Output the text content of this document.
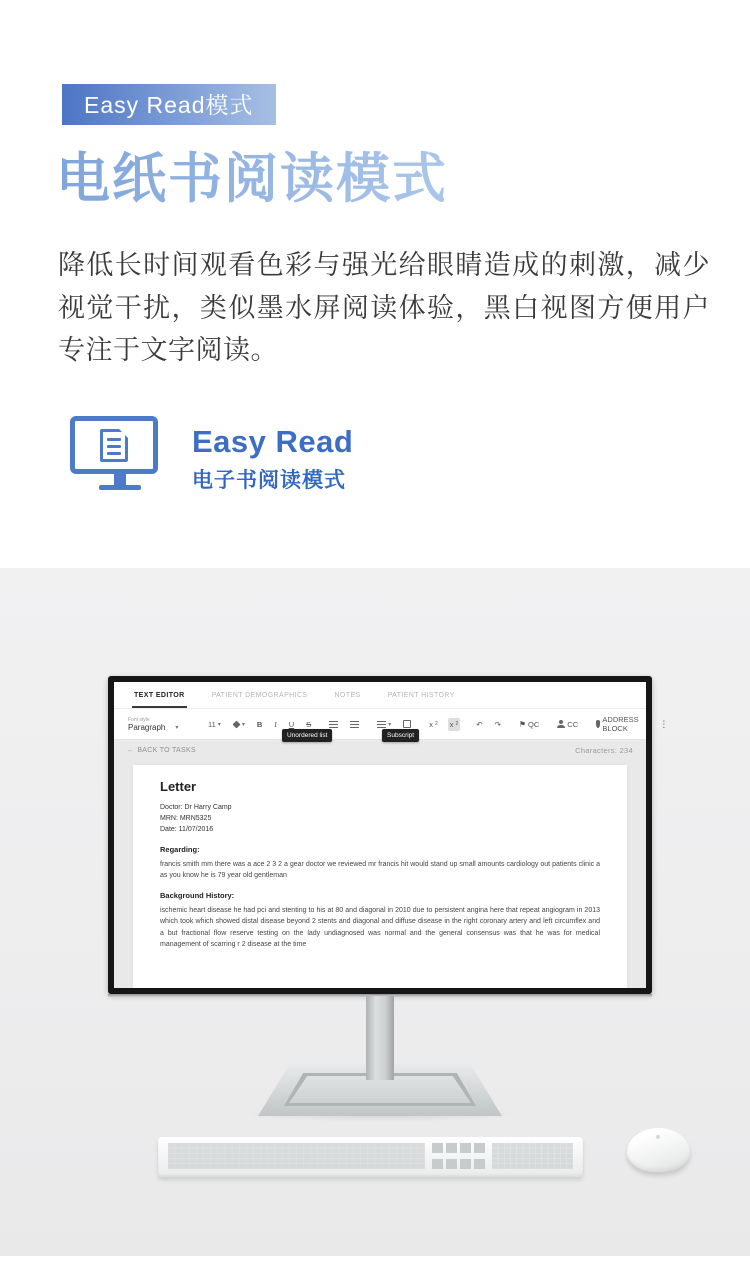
Easy Read模式
电纸书阅读模式

降低长时间观看色彩与强光给眼睛造成的刺激，减少视觉干扰，类似墨水屏阅读体验，黑白视图方便用户专注于文字阅读。

Easy Read
电子书阅读模式
TEXT EDITOR	PATIENT DEMOGRAPHICS	NOTES	PATIENT HISTORY
Font style
Paragraph ▾	11 ▾	▾ B I U S	▾	x 2 x 2 ↶ ↷ ⚑ QC	CC	ADDRESS BLOCK	⋮
Unordered list	Subscript
← BACK TO TASKS	Characters: 234
Letter
Doctor: Dr Harry Camp
MRN: MRN5325
Date: 11/07/2016
Regarding:

francis smith mm there was a ace 2 3 2 a gear doctor we reviewed mr francis hit would stand up small amounts cardiology out patients clinic a as you know he is 79 year old gentleman

Background History:

ischemic heart disease he had pci and stenting to his at 80 and diagonal in 2010 due to persistent angina here that repeat angiogram in 2013 which took which showed distal disease beyond 2 stents and diagonal and diffuse disease in the right coronary artery and left circumflex and a but fractional flow reserve testing on the lady undiagnosed was normal and the general consensus was that he was for medical management of scarring r 2 disease at the time
